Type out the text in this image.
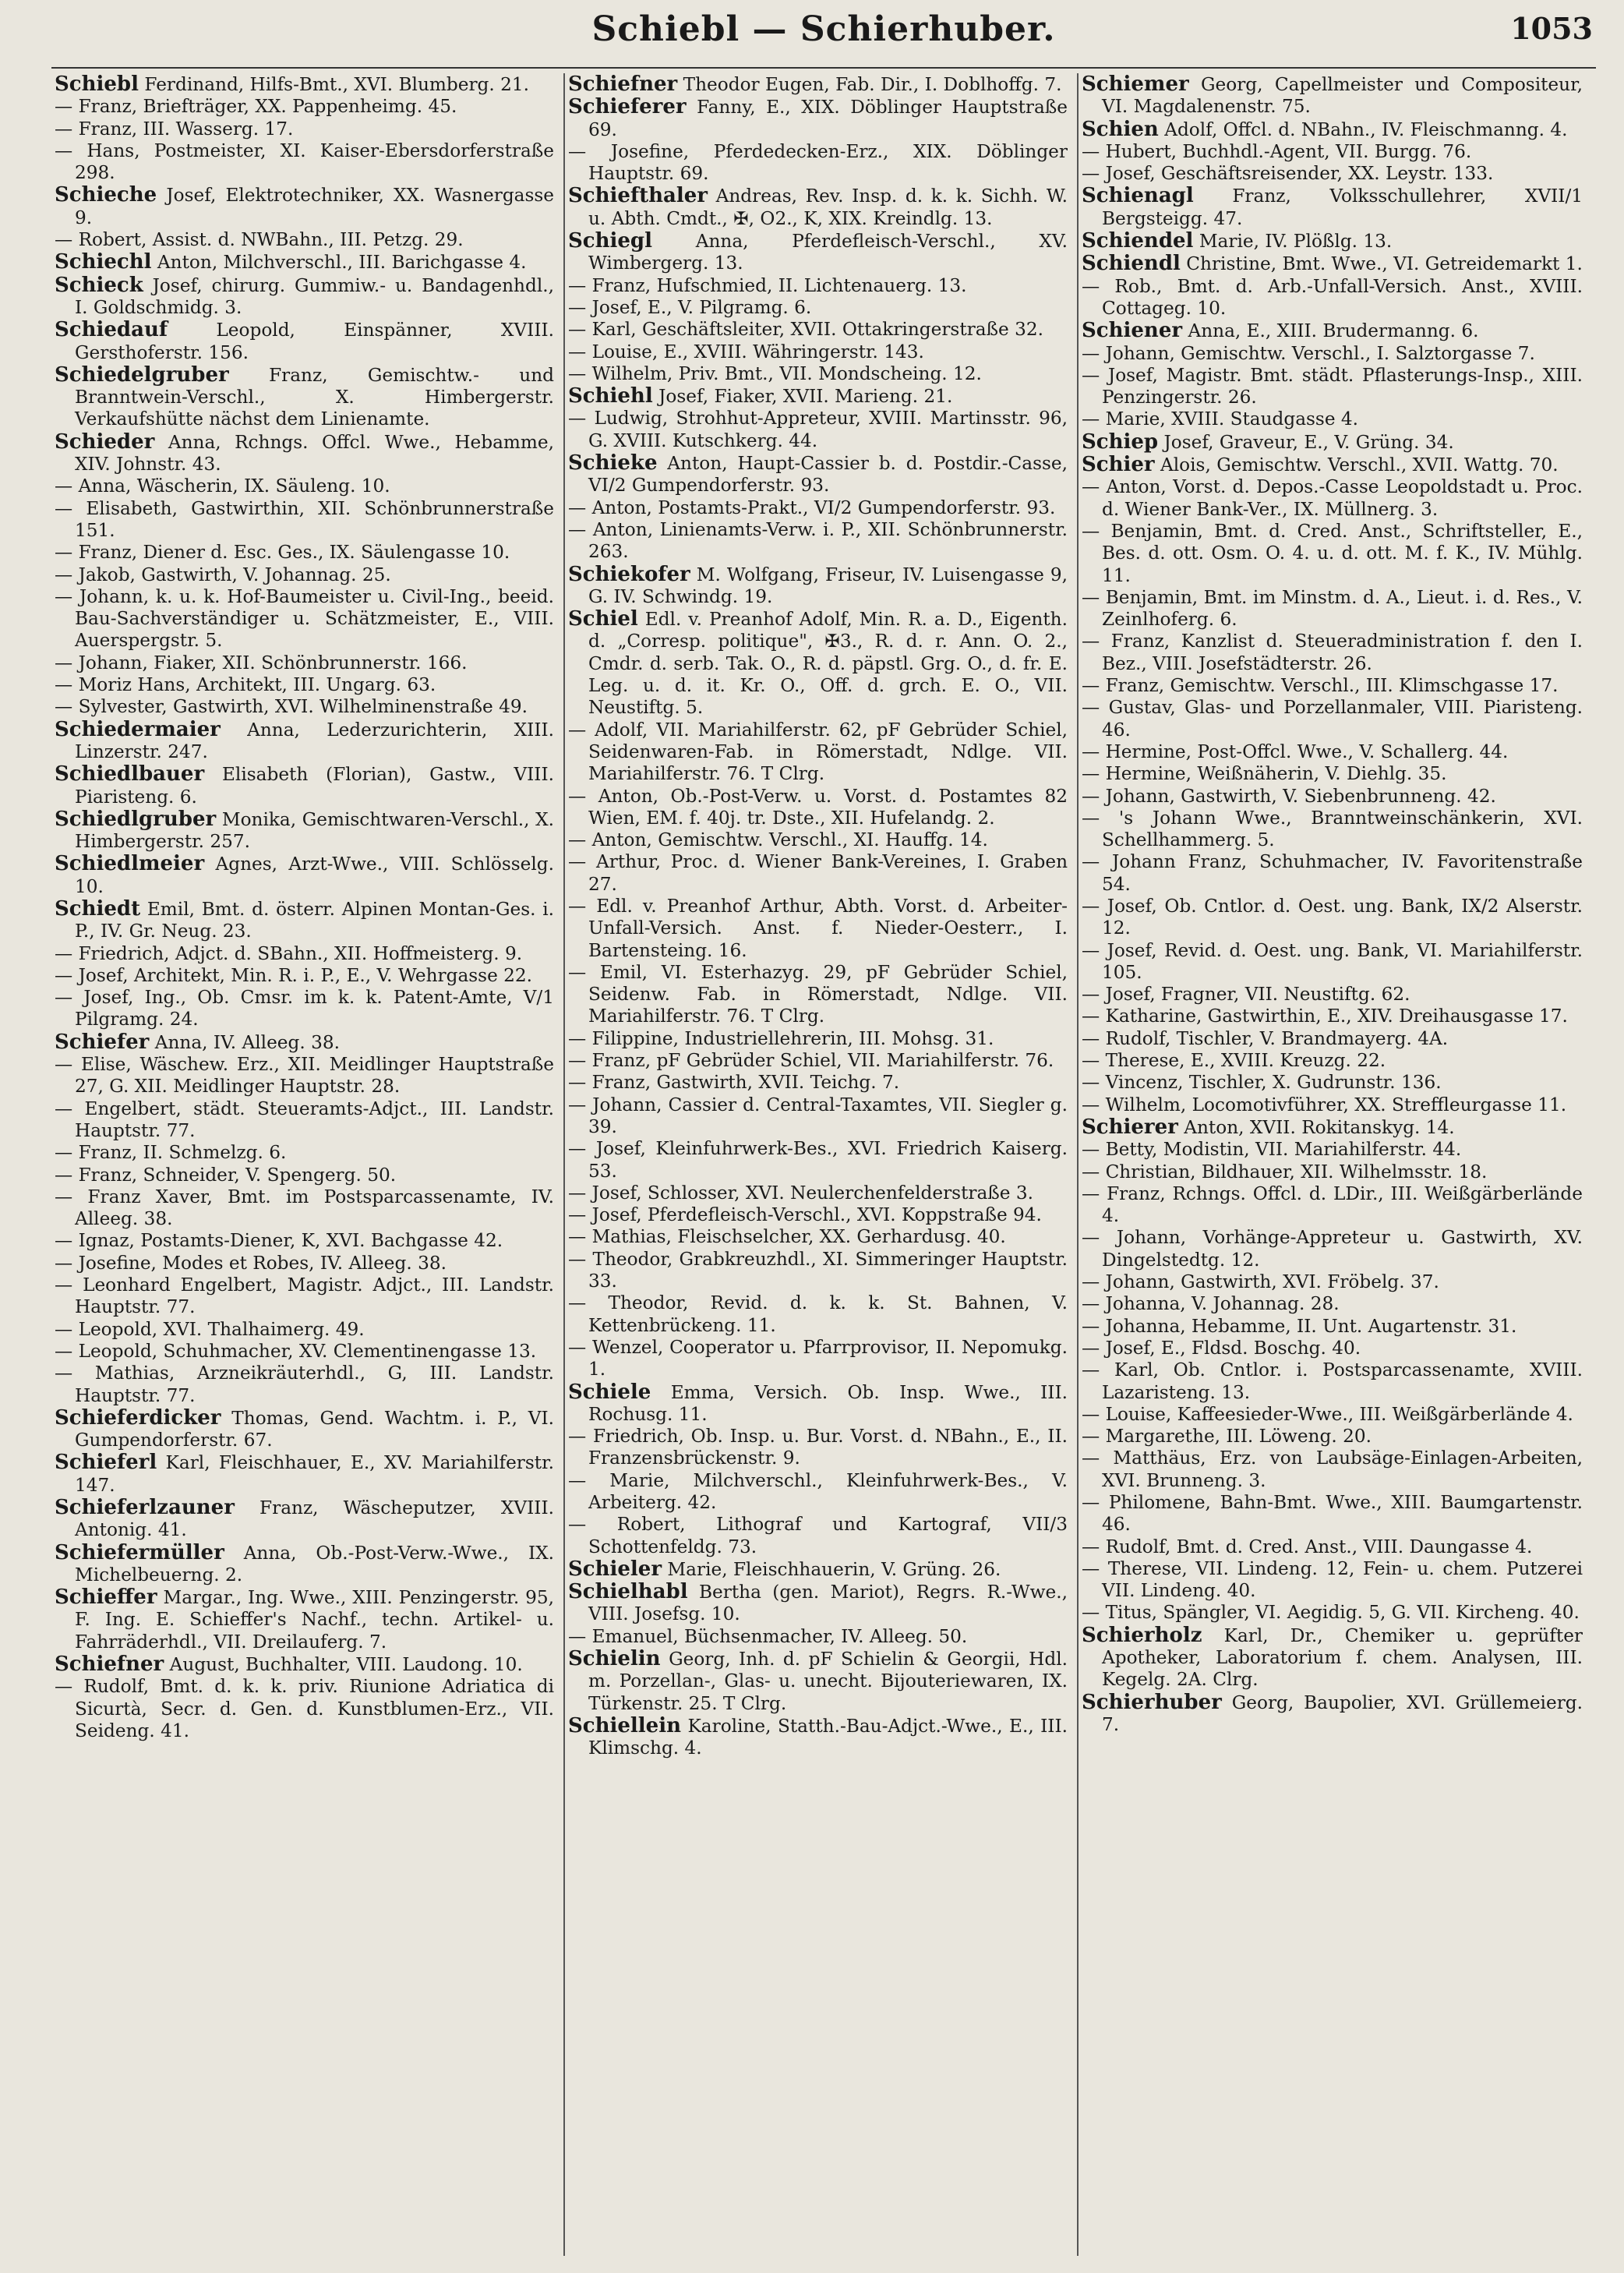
Schiebl — Schierhuber.	1053
Schiebl Ferdinand, Hilfs-Bmt., XVI. Blumberg. 21.
— Franz, Briefträger, XX. Pappenheimg. 45.
— Franz, III. Wasserg. 17.
— Hans, Postmeister, XI. Kaiser-Ebersdorferstraße 298.
Schieche Josef, Elektrotechniker, XX. Wasnergasse 9.
— Robert, Assist. d. NWBahn., III. Petzg. 29.
Schiechl Anton, Milchverschl., III. Barichgasse 4.
Schieck Josef, chirurg. Gummiw.- u. Bandagenhdl., I. Goldschmidg. 3.
Schiedauf	Leopold, Einspänner, XVIII. Gersthoferstr. 156.
Schiedelgruber Franz, Gemischtw.- und Branntwein-Verschl., X. Himbergerstr. Verkaufshütte nächst dem Linienamte.
Schieder Anna, Rchngs. Offcl. Wwe., Hebamme, XIV. Johnstr. 43.
— Anna, Wäscherin, IX. Säuleng. 10.
— Elisabeth, Gastwirthin, XII. Schönbrunnerstraße 151.
— Franz, Diener d. Esc. Ges., IX. Säulengasse 10.
— Jakob, Gastwirth, V. Johannag. 25.
— Johann, k. u. k. Hof-Baumeister u. Civil-Ing., beeid. Bau-Sachverständiger u. Schätzmeister, E., VIII. Auerspergstr. 5.
— Johann, Fiaker, XII. Schönbrunnerstr. 166.
— Moriz Hans, Architekt, III. Ungarg. 63.
— Sylvester, Gastwirth, XVI. Wilhelminenstraße 49.
Schiedermaier Anna, Lederzurichterin, XIII. Linzerstr. 247.
Schiedlbauer Elisabeth (Florian), Gastw., VIII. Piaristeng. 6.
Schiedlgruber Monika, Gemischtwaren-Verschl., X. Himbergerstr. 257.
Schiedlmeier Agnes, Arzt-Wwe., VIII. Schlösselg. 10.
Schiedt Emil, Bmt. d. österr. Alpinen Montan-Ges. i. P., IV. Gr. Neug. 23.
— Friedrich, Adjct. d. SBahn., XII. Hoffmeisterg. 9.
— Josef, Architekt, Min. R. i. P., E., V. Wehrgasse 22.
— Josef, Ing., Ob. Cmsr. im k. k. Patent-Amte, V/1 Pilgramg. 24.
Schiefer Anna, IV. Alleeg. 38.
— Elise, Wäschew. Erz., XII. Meidlinger Hauptstraße 27, G. XII. Meidlinger Hauptstr. 28.
— Engelbert, städt. Steueramts-Adjct., III. Landstr. Hauptstr. 77.
— Franz, II. Schmelzg. 6.
— Franz, Schneider, V. Spengerg. 50.
— Franz Xaver, Bmt. im Postsparcassenamte, IV. Alleeg. 38.
— Ignaz, Postamts-Diener, K, XVI. Bachgasse 42.
— Josefine, Modes et Robes, IV. Alleeg. 38.
— Leonhard Engelbert, Magistr. Adjct., III. Landstr. Hauptstr. 77.
— Leopold, XVI. Thalhaimerg. 49.
— Leopold, Schuhmacher, XV. Clementinengasse 13.
— Mathias, Arzneikräuterhdl., G, III. Landstr. Hauptstr. 77.
Schieferdicker Thomas, Gend. Wachtm. i. P., VI. Gumpendorferstr. 67.
Schieferl Karl, Fleischhauer, E., XV. Mariahilferstr. 147.
Schieferlzauner Franz, Wäscheputzer, XVIII. Antonig. 41.
Schiefermüller Anna, Ob.-Post-Verw.-Wwe., IX. Michelbeuerng. 2.
Schieffer Margar., Ing. Wwe., XIII. Penzingerstr. 95, F. Ing. E. Schieffer's Nachf., techn. Artikel- u. Fahrräderhdl., VII. Dreilauferg. 7.
Schiefner August, Buchhalter, VIII. Laudong. 10.
— Rudolf, Bmt. d. k. k. priv. Riunione Adriatica di Sicurtà, Secr. d. Gen. d. Kunstblumen-Erz., VII. Seideng. 41.
Schiefner Theodor Eugen, Fab. Dir., I. Doblhoffg. 7.
Schieferer Fanny, E., XIX. Döblinger Hauptstraße 69.
— Josefine, Pferdedecken-Erz., XIX. Döblinger Hauptstr. 69.
Schiefthaler Andreas, Rev. Insp. d. k. k. Sichh. W. u. Abth. Cmdt., ✠, O2., K, XIX. Kreindlg. 13.
Schiegl Anna, Pferdefleisch-Verschl., XV. Wimbergerg. 13.
— Franz, Hufschmied, II. Lichtenauerg. 13.
— Josef, E., V. Pilgramg. 6.
— Karl, Geschäftsleiter, XVII. Ottakringerstraße 32.
— Louise, E., XVIII. Währingerstr. 143.
— Wilhelm, Priv. Bmt., VII. Mondscheing. 12.
Schiehl Josef, Fiaker, XVII. Marieng. 21.
— Ludwig, Strohhut-Appreteur, XVIII. Martinsstr. 96, G. XVIII. Kutschkerg. 44.
Schieke Anton, Haupt-Cassier b. d. Postdir.-Casse, VI/2 Gumpendorferstr. 93.
— Anton, Postamts-Prakt., VI/2 Gumpendorferstr. 93.
— Anton, Linienamts-Verw. i. P., XII. Schönbrunnerstr. 263.
Schiekofer M. Wolfgang, Friseur, IV. Luisengasse 9, G. IV. Schwindg. 19.
Schiel Edl. v. Preanhof Adolf, Min. R. a. D., Eigenth. d. „Corresp. politique", ✠3., R. d. r. Ann. O. 2., Cmdr. d. serb. Tak. O., R. d. päpstl. Grg. O., d. fr. E. Leg. u. d. it. Kr. O., Off. d. grch. E. O., VII. Neustiftg. 5.
— Adolf, VII. Mariahilferstr. 62, pF Gebrüder Schiel, Seidenwaren-Fab. in Römerstadt, Ndlge. VII. Mariahilferstr. 76. T Clrg.
— Anton, Ob.-Post-Verw. u. Vorst. d. Postamtes 82 Wien, EM. f. 40j. tr. Dste., XII. Hufelandg. 2.
— Anton, Gemischtw. Verschl., XI. Hauffg. 14.
— Arthur, Proc. d. Wiener Bank-Vereines, I. Graben 27.
— Edl. v. Preanhof Arthur, Abth. Vorst. d. Arbeiter-Unfall-Versich. Anst. f. Nieder-Oesterr., I. Bartensteing. 16.
— Emil, VI. Esterhazyg. 29, pF Gebrüder Schiel, Seidenw. Fab. in Römerstadt, Ndlge. VII. Mariahilferstr. 76. T Clrg.
— Filippine, Industriellehrerin, III. Mohsg. 31.
— Franz, pF Gebrüder Schiel, VII. Mariahilferstr. 76.
— Franz, Gastwirth, XVII. Teichg. 7.
— Johann, Cassier d. Central-Taxamtes, VII. Siegler g. 39.
— Josef, Kleinfuhrwerk-Bes., XVI. Friedrich Kaiserg. 53.
— Josef, Schlosser, XVI. Neulerchenfelderstraße 3.
— Josef, Pferdefleisch-Verschl., XVI. Koppstraße 94.
— Mathias, Fleischselcher, XX. Gerhardusg. 40.
— Theodor, Grabkreuzhdl., XI. Simmeringer Hauptstr. 33.
— Theodor, Revid. d. k. k. St. Bahnen, V. Kettenbrückeng. 11.
— Wenzel, Cooperator u. Pfarrprovisor, II. Nepomukg. 1.
Schiele Emma, Versich. Ob. Insp. Wwe., III. Rochusg. 11.
— Friedrich, Ob. Insp. u. Bur. Vorst. d. NBahn., E., II. Franzensbrückenstr. 9.
— Marie, Milchverschl., Kleinfuhrwerk-Bes., V. Arbeiterg. 42.
— Robert, Lithograf und Kartograf, VII/3 Schottenfeldg. 73.
Schieler Marie, Fleischhauerin, V. Grüng. 26.
Schielhabl Bertha (gen. Mariot), Regrs. R.-Wwe., VIII. Josefsg. 10.
— Emanuel, Büchsenmacher, IV. Alleeg. 50.
Schielin Georg, Inh. d. pF Schielin & Georgii, Hdl. m. Porzellan-, Glas- u. unecht. Bijouteriewaren, IX. Türkenstr. 25. T Clrg.
Schiellein Karoline, Statth.-Bau-Adjct.-Wwe., E., III. Klimschg. 4.
Schiemer Georg, Capellmeister und Compositeur, VI. Magdalenenstr. 75.
Schien Adolf, Offcl. d. NBahn., IV. Fleischmanng. 4.
— Hubert, Buchhdl.-Agent, VII. Burgg. 76.
— Josef, Geschäftsreisender, XX. Leystr. 133.
Schienagl Franz, Volksschullehrer, XVII/1 Bergsteigg. 47.
Schiendel Marie, IV. Plößlg. 13.
Schiendl Christine, Bmt. Wwe., VI. Getreidemarkt 1.
— Rob., Bmt. d. Arb.-Unfall-Versich. Anst., XVIII. Cottageg. 10.
Schiener Anna, E., XIII. Brudermanng. 6.
— Johann, Gemischtw. Verschl., I. Salztorgasse 7.
— Josef, Magistr. Bmt. städt. Pflasterungs-Insp., XIII. Penzingerstr. 26.
— Marie, XVIII. Staudgasse 4.
Schiep Josef, Graveur, E., V. Grüng. 34.
Schier Alois, Gemischtw. Verschl., XVII. Wattg. 70.
— Anton, Vorst. d. Depos.-Casse Leopoldstadt u. Proc. d. Wiener Bank-Ver., IX. Müllnerg. 3.
— Benjamin, Bmt. d. Cred. Anst., Schriftsteller, E., Bes. d. ott. Osm. O. 4. u. d. ott. M. f. K., IV. Mühlg. 11.
— Benjamin, Bmt. im Minstm. d. A., Lieut. i. d. Res., V. Zeinlhoferg. 6.
— Franz, Kanzlist d. Steueradministration f. den I. Bez., VIII. Josefstädterstr. 26.
— Franz, Gemischtw. Verschl., III. Klimschgasse 17.
— Gustav, Glas- und Porzellanmaler, VIII. Piaristeng. 46.
— Hermine, Post-Offcl. Wwe., V. Schallerg. 44.
— Hermine, Weißnäherin, V. Diehlg. 35.
— Johann, Gastwirth, V. Siebenbrunneng. 42.
— 's Johann Wwe., Branntweinschänkerin, XVI. Schellhammerg. 5.
— Johann Franz, Schuhmacher, IV. Favoritenstraße 54.
— Josef, Ob. Cntlor. d. Oest. ung. Bank, IX/2 Alserstr. 12.
— Josef, Revid. d. Oest. ung. Bank, VI. Mariahilferstr. 105.
— Josef, Fragner, VII. Neustiftg. 62.
— Katharine, Gastwirthin, E., XIV. Dreihausgasse 17.
— Rudolf, Tischler, V. Brandmayerg. 4A.
— Therese, E., XVIII. Kreuzg. 22.
— Vincenz, Tischler, X. Gudrunstr. 136.
— Wilhelm, Locomotivführer, XX. Streffleurgasse 11.
Schierer Anton, XVII. Rokitanskyg. 14.
— Betty, Modistin, VII. Mariahilferstr. 44.
— Christian, Bildhauer, XII. Wilhelmsstr. 18.
— Franz, Rchngs. Offcl. d. LDir., III. Weißgärberlände 4.
— Johann, Vorhänge-Appreteur u. Gastwirth, XV. Dingelstedtg. 12.
— Johann, Gastwirth, XVI. Fröbelg. 37.
— Johanna, V. Johannag. 28.
— Johanna, Hebamme, II. Unt. Augartenstr. 31.
— Josef, E., Fldsd. Boschg. 40.
— Karl, Ob. Cntlor. i. Postsparcassenamte, XVIII. Lazaristeng. 13.
— Louise, Kaffeesieder-Wwe., III. Weißgärberlände 4.
— Margarethe, III. Löweng. 20.
— Matthäus, Erz. von Laubsäge-Einlagen-Arbeiten, XVI. Brunneng. 3.
— Philomene, Bahn-Bmt. Wwe., XIII. Baumgartenstr. 46.
— Rudolf, Bmt. d. Cred. Anst., VIII. Daungasse 4.
— Therese, VII. Lindeng. 12, Fein- u. chem. Putzerei VII. Lindeng. 40.
— Titus, Spängler, VI. Aegidig. 5, G. VII. Kircheng. 40.
Schierholz Karl, Dr., Chemiker u. geprüfter Apotheker, Laboratorium f. chem. Analysen, III. Kegelg. 2A. Clrg.
Schierhuber Georg, Baupolier, XVI. Grüllemeierg. 7.
